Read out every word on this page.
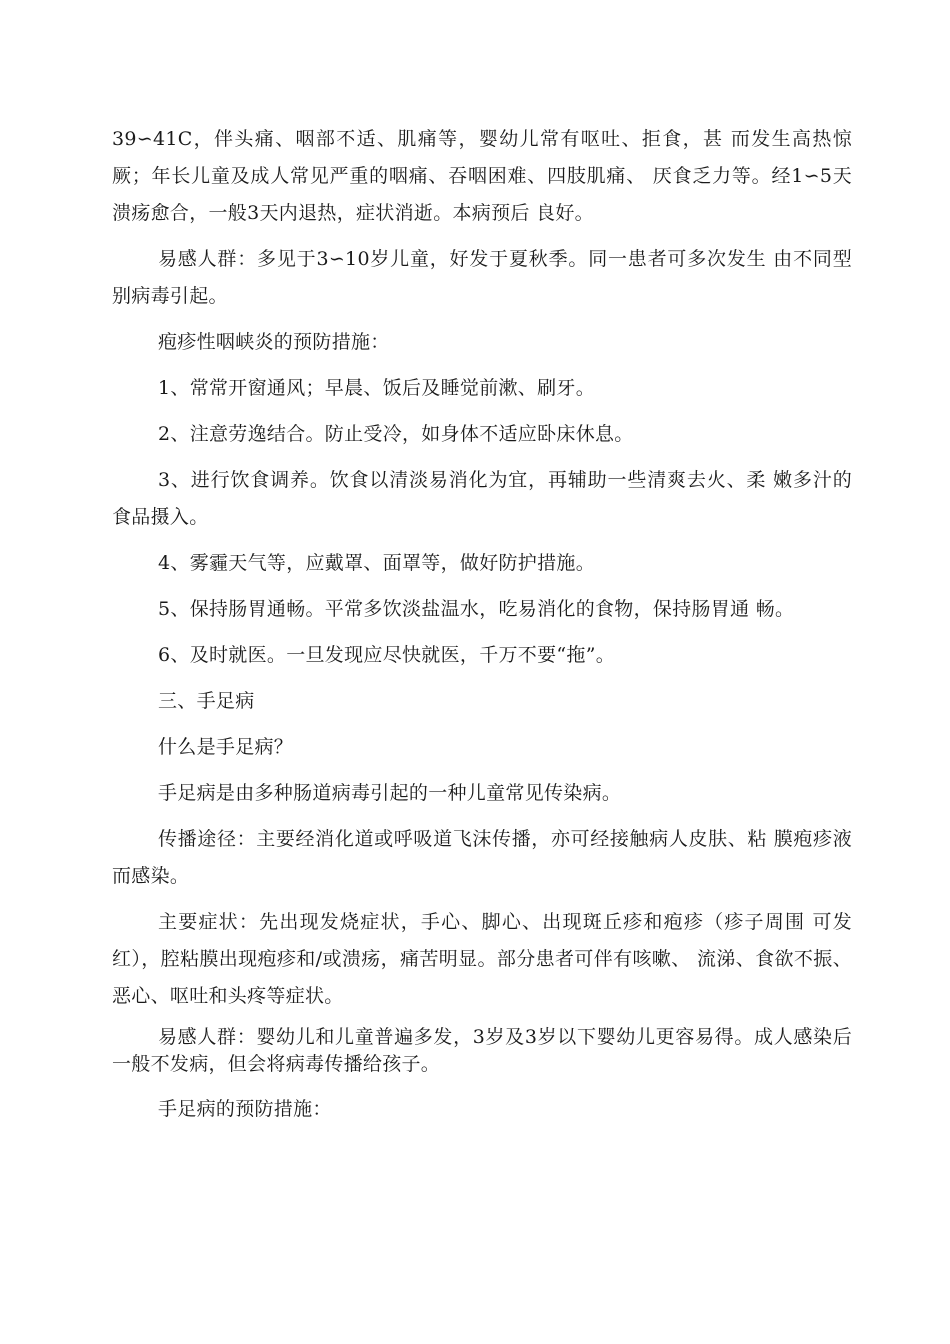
39∽41C，伴头痛、咽部不适、肌痛等，婴幼儿常有呕吐、拒食，甚 而发生高热惊厥；年长儿童及成人常见严重的咽痛、吞咽困难、四肢肌痛、 厌食乏力等。经1∽5天溃疡愈合，一般3天内退热，症状消逝。本病预后 良好。

易感人群：多见于3∽10岁儿童，好发于夏秋季。同一患者可多次发生 由不同型别病毒引起。

疱疹性咽峡炎的预防措施：

1、常常开窗通风；早晨、饭后及睡觉前漱、刷牙。

2、注意劳逸结合。防止受冷，如身体不适应卧床休息。

3、进行饮食调养。饮食以清淡易消化为宜，再辅助一些清爽去火、柔 嫩多汁的食品摄入。

4、雾霾天气等，应戴罩、面罩等，做好防护措施。

5、保持肠胃通畅。平常多饮淡盐温水，吃易消化的食物，保持肠胃通 畅。

6、及时就医。一旦发现应尽快就医，千万不要“拖”。

三、手足病

什么是手足病？

手足病是由多种肠道病毒引起的一种儿童常见传染病。

传播途径：主要经消化道或呼吸道飞沫传播，亦可经接触病人皮肤、粘 膜疱疹液而感染。

主要症状：先出现发烧症状，手心、脚心、出现斑丘疹和疱疹（疹子周围 可发红），腔粘膜出现疱疹和/或溃疡，痛苦明显。部分患者可伴有咳嗽、 流涕、食欲不振、恶心、呕吐和头疼等症状。

易感人群：婴幼儿和儿童普遍多发，3岁及3岁以下婴幼儿更容易得。成人感染后一般不发病，但会将病毒传播给孩子。

手足病的预防措施：
